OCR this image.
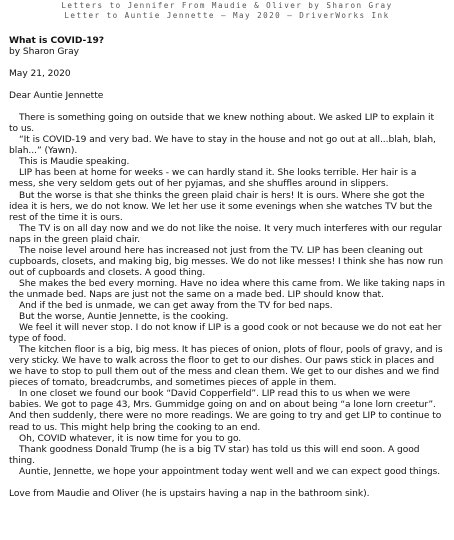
Letters to Jennifer From Maudie & Oliver by Sharon Gray
Letter to Auntie Jennette – May 2020 – DriverWorks Ink
What is COVID-19?
by Sharon Gray
May 21, 2020
Dear Auntie Jennette

There is something going on outside that we knew nothing about. We asked LIP to explain it to us.

“It is COVID-19 and very bad. We have to stay in the house and not go out at all...blah, blah, blah...” (Yawn).

This is Maudie speaking.

LIP has been at home for weeks - we can hardly stand it. She looks terrible. Her hair is a mess, she very seldom gets out of her pyjamas, and she shuffles around in slippers.

But the worse is that she thinks the green plaid chair is hers! It is ours. Where she got the idea it is hers, we do not know. We let her use it some evenings when she watches TV but the rest of the time it is ours.

The TV is on all day now and we do not like the noise. It very much interferes with our regular naps in the green plaid chair.

The noise level around here has increased not just from the TV. LIP has been cleaning out cupboards, closets, and making big, big messes. We do not like messes! I think she has now run out of cupboards and closets. A good thing.

She makes the bed every morning. Have no idea where this came from. We like taking naps in the unmade bed. Naps are just not the same on a made bed. LIP should know that.

And if the bed is unmade, we can get away from the TV for bed naps.

But the worse, Auntie Jennette, is the cooking.

We feel it will never stop. I do not know if LIP is a good cook or not because we do not eat her type of food.

The kitchen floor is a big, big mess. It has pieces of onion, plots of flour, pools of gravy, and is very sticky. We have to walk across the floor to get to our dishes. Our paws stick in places and we have to stop to pull them out of the mess and clean them. We get to our dishes and we find pieces of tomato, breadcrumbs, and sometimes pieces of apple in them.

In one closet we found our book “David Copperfield”. LIP read this to us when we were babies. We got to page 43, Mrs. Gummidge going on and on about being “a lone lorn creetur”. And then suddenly, there were no more readings. We are going to try and get LIP to continue to read to us. This might help bring the cooking to an end.

Oh, COVID whatever, it is now time for you to go.

Thank goodness Donald Trump (he is a big TV star) has told us this will end soon. A good thing.

Auntie, Jennette, we hope your appointment today went well and we can expect good things.

Love from Maudie and Oliver (he is upstairs having a nap in the bathroom sink).
